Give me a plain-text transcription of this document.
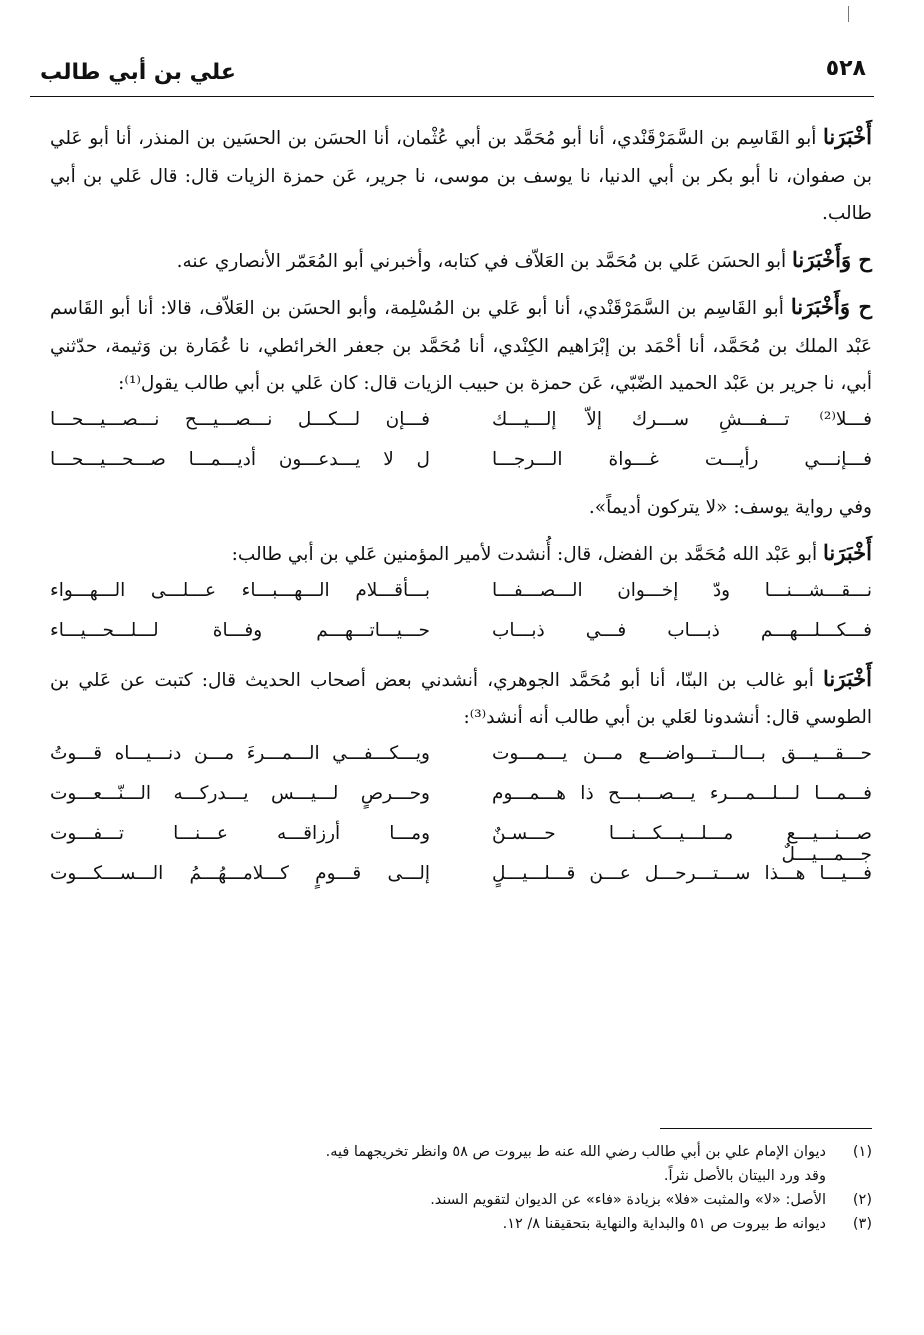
٥٢٨
علي بن أبي طالب

أَخْبَرَنا أبو القَاسِم بن السَّمَرْقَنْدي، أنا أبو مُحَمَّد بن أبي عُثْمان، أنا الحسَن بن الحسَين بن المنذر، أنا أبو عَلي بن صفوان، نا أبو بكر بن أبي الدنيا، نا يوسف بن موسى، نا جرير، عَن حمزة الزيات قال: قال عَلي بن أبي طالب.

ح وَأَخْبَرَنا أبو الحسَن عَلي بن مُحَمَّد بن العَلاّف في كتابه، وأخبرني أبو المُعَمّر الأنصاري عنه.

ح وَأَخْبَرَنا أبو القَاسِم بن السَّمَرْقَنْدي، أنا أبو عَلي بن المُسْلِمة، وأبو الحسَن بن العَلاّف، قالا: أنا أبو القَاسم عَبْد الملك بن مُحَمَّد، أنا أحْمَد بن إبْرَاهيم الكِنْدي، أنا مُحَمَّد بن جعفر الخرائطي، نا عُمَارة بن وَثيمة، حدّثني أبي، نا جرير بن عَبْد الحميد الضّبّي، عَن حمزة بن حبيب الزيات قال: كان عَلي بن أبي طالب يقول⁽¹⁾:

فـــلا⁽²⁾ تـــفـــشِ ســـرك إلاّ إلـــيـــك
فـــإن لـــكـــل نـــصـــيـــح نـــصـــيـــحـــا
فـــإنـــي رأيـــت غـــواة الـــرجـــا
ل لا يـــدعـــون أديـــمـــا صـــحـــيـــحـــا

وفي رواية يوسف: «لا يتركون أديماً».

أَخْبَرَنا أبو عَبْد الله مُحَمَّد بن الفضل، قال: أُنشدت لأمير المؤمنين عَلي بن أبي طالب:

نـــقـــشـــنـــا ودّ إخـــوان الـــصـــفـــا
بـــأقـــلام الـــهـــبـــاء عـــلـــى الـــهـــواء
فـــكـــلـــهـــم ذبـــاب فـــي ذبـــاب
حـــيـــاتـــهـــم وفـــاة لـــلـــحـــيـــاء

أَخْبَرَنا أبو غالب بن البنّا، أنا أبو مُحَمَّد الجوهري، أنشدني بعض أصحاب الحديث قال: كتبت عن عَلي بن الطوسي قال: أنشدونا لعَلي بن أبي طالب أنه أنشد⁽³⁾:

حـــقـــيـــق بـــالـــتـــواضـــع مـــن يـــمـــوت
ويـــكـــفـــي الـــمـــرءَ مـــن دنـــيـــاه قـــوتُ
فـــمـــا لـــلـــمـــرء يـــصـــبـــح ذا هـــمـــوم
وحـــرصٍ لـــيـــس يـــدركـــه الـــنّـــعـــوت
صـــنـــيـــع مـــلـــيـــكـــنـــا حـــسـنٌ جـــمـــيـــلٌ
ومـــا أرزاقـــه عـــنـــا تـــفـــوت
فـــيـــا هـــذا ســـتـــرحـــل عـــن قـــلـــيـــلٍ
إلـــى قـــومٍ كـــلامـــهُـــمُ الـــســـكـــوت
(١)
ديوان الإمام علي بن أبي طالب رضي الله عنه ط بيروت ص ٥٨ وانظر تخريجهما فيه.
وقد ورد البيتان بالأصل نثراً.
(٢)
الأصل: «لا» والمثبت «فلا» بزيادة «فاء» عن الديوان لتقويم السند.
(٣)
ديوانه ط بيروت ص ٥١ والبداية والنهاية بتحقيقنا ٨/ ١٢.
